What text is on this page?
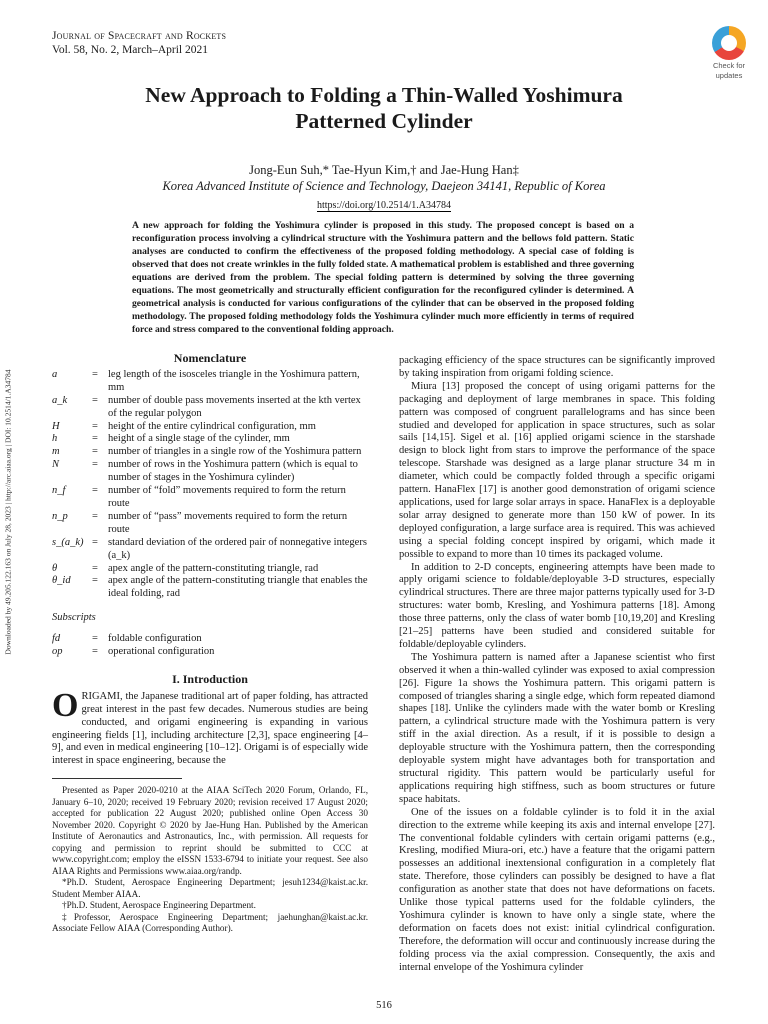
Journal of Spacecraft and Rockets
Vol. 58, No. 2, March–April 2021
Check for
updates
New Approach to Folding a Thin-Walled Yoshimura
Patterned Cylinder
Jong-Eun Suh,* Tae-Hyun Kim,† and Jae-Hung Han‡
Korea Advanced Institute of Science and Technology, Daejeon 34141, Republic of Korea
https://doi.org/10.2514/1.A34784
A new approach for folding the Yoshimura cylinder is proposed in this study. The proposed concept is based on a reconfiguration process involving a cylindrical structure with the Yoshimura pattern and the bellows fold pattern. Static analyses are conducted to confirm the effectiveness of the proposed folding methodology. A special case of folding is observed that does not create wrinkles in the fully folded state. A mathematical problem is established and three governing equations are derived from the problem. The special folding pattern is determined by solving the three governing equations. The most geometrically and structurally efficient configuration for the reconfigured cylinder is determined. A geometrical analysis is conducted for various configurations of the cylinder that can be observed in the proposed folding methodology. The proposed folding methodology folds the Yoshimura cylinder much more efficiently in terms of required force and stress compared to the conventional folding approach.
Downloaded by 49.205.122.163 on July 28, 2023 | http://arc.aiaa.org | DOI: 10.2514/1.A34784
Nomenclature
a	= leg length of the isosceles triangle in the Yoshimura pattern, mm
a_k	= number of double pass movements inserted at the kth vertex of the regular polygon
H	= height of the entire cylindrical configuration, mm
h	= height of a single stage of the cylinder, mm
m	= number of triangles in a single row of the Yoshimura pattern
N	= number of rows in the Yoshimura pattern (which is equal to number of stages in the Yoshimura cylinder)
n_f	= number of “fold” movements required to form the return route
n_p	= number of “pass” movements required to form the return route
s_(a_k) = standard deviation of the ordered pair of nonnegative integers (a_k)
θ	= apex angle of the pattern-constituting triangle, rad
θ_id	= apex angle of the pattern-constituting triangle that enables the ideal folding, rad
Subscripts
fd	= foldable configuration
op	= operational configuration
I. Introduction

ORIGAMI, the Japanese traditional art of paper folding, has attracted great interest in the past few decades. Numerous studies are being conducted, and origami engineering is expanding in various engineering fields [1], including architecture [2,3], space engineering [4–9], and even in medical engineering [10–12]. Origami is of especially wide interest in space engineering, because the

Presented as Paper 2020-0210 at the AIAA SciTech 2020 Forum, Orlando, FL, January 6–10, 2020; received 19 February 2020; revision received 17 August 2020; accepted for publication 22 August 2020; published online Open Access 30 November 2020. Copyright © 2020 by Jae-Hung Han. Published by the American Institute of Aeronautics and Astronautics, Inc., with permission. All requests for copying and permission to reprint should be submitted to CCC at www.copyright.com; employ the eISSN 1533-6794 to initiate your request. See also AIAA Rights and Permissions www.aiaa.org/randp.

*Ph.D. Student, Aerospace Engineering Department; jesuh1234@kaist.ac.kr. Student Member AIAA.

†Ph.D. Student, Aerospace Engineering Department.

‡Professor, Aerospace Engineering Department; jaehunghan@kaist.ac.kr. Associate Fellow AIAA (Corresponding Author).

packaging efficiency of the space structures can be significantly improved by taking inspiration from origami folding science.

Miura [13] proposed the concept of using origami patterns for the packaging and deployment of large membranes in space. This folding pattern was composed of congruent parallelograms and has since been studied and developed for application in space structures, such as solar sails [14,15]. Sigel et al. [16] applied origami science in the starshade design to block light from stars to improve the performance of the space telescope. Starshade was designed as a large planar structure 34 m in diameter, which could be compactly folded through a specific origami pattern. HanaFlex [17] is another good demonstration of origami science applications, used for large solar arrays in space. HanaFlex is a deployable solar array designed to generate more than 150 kW of power. In its deployed configuration, a large surface area is required. This was achieved using a special folding concept inspired by origami, which made it possible to expand to more than 10 times its packaged volume.

In addition to 2-D concepts, engineering attempts have been made to apply origami science to foldable/deployable 3-D structures, especially cylindrical structures. There are three major patterns typically used for 3-D structures: water bomb, Kresling, and Yoshimura patterns [18]. Among those three patterns, only the class of water bomb [10,19,20] and Kresling [21–25] patterns have been studied and considered suitable for foldable/deployable cylinders.

The Yoshimura pattern is named after a Japanese scientist who first observed it when a thin-walled cylinder was exposed to axial compression [26]. Figure 1a shows the Yoshimura pattern. This origami pattern is composed of triangles sharing a single edge, which form repeated diamond shapes [18]. Unlike the cylinders made with the water bomb or Kresling pattern, a cylindrical structure made with the Yoshimura pattern is very stiff in the axial direction. As a result, if it is possible to design a deployable structure with the Yoshimura pattern, then the corresponding deployable system might have advantages both for transportation and structural rigidity. This pattern would be particularly useful for applications requiring high stiffness, such as boom structures or future space habitats.

One of the issues on a foldable cylinder is to fold it in the axial direction to the extreme while keeping its axis and internal envelope [27]. The conventional foldable cylinders with certain origami patterns (e.g., Kresling, modified Miura-ori, etc.) have a feature that the origami pattern possesses an additional inextensional configuration in a completely flat state. Therefore, those cylinders can possibly be designed to have a flat configuration as another state that does not have deformations on facets. Unlike those typical patterns used for the foldable cylinders, the Yoshimura cylinder is known to have only a single state, where the deformation on facets does not exist: initial cylindrical configuration. Therefore, the deformation will occur and continuously increase during the folding process via the axial compression. Consequently, the axis and internal envelope of the Yoshimura cylinder

516
